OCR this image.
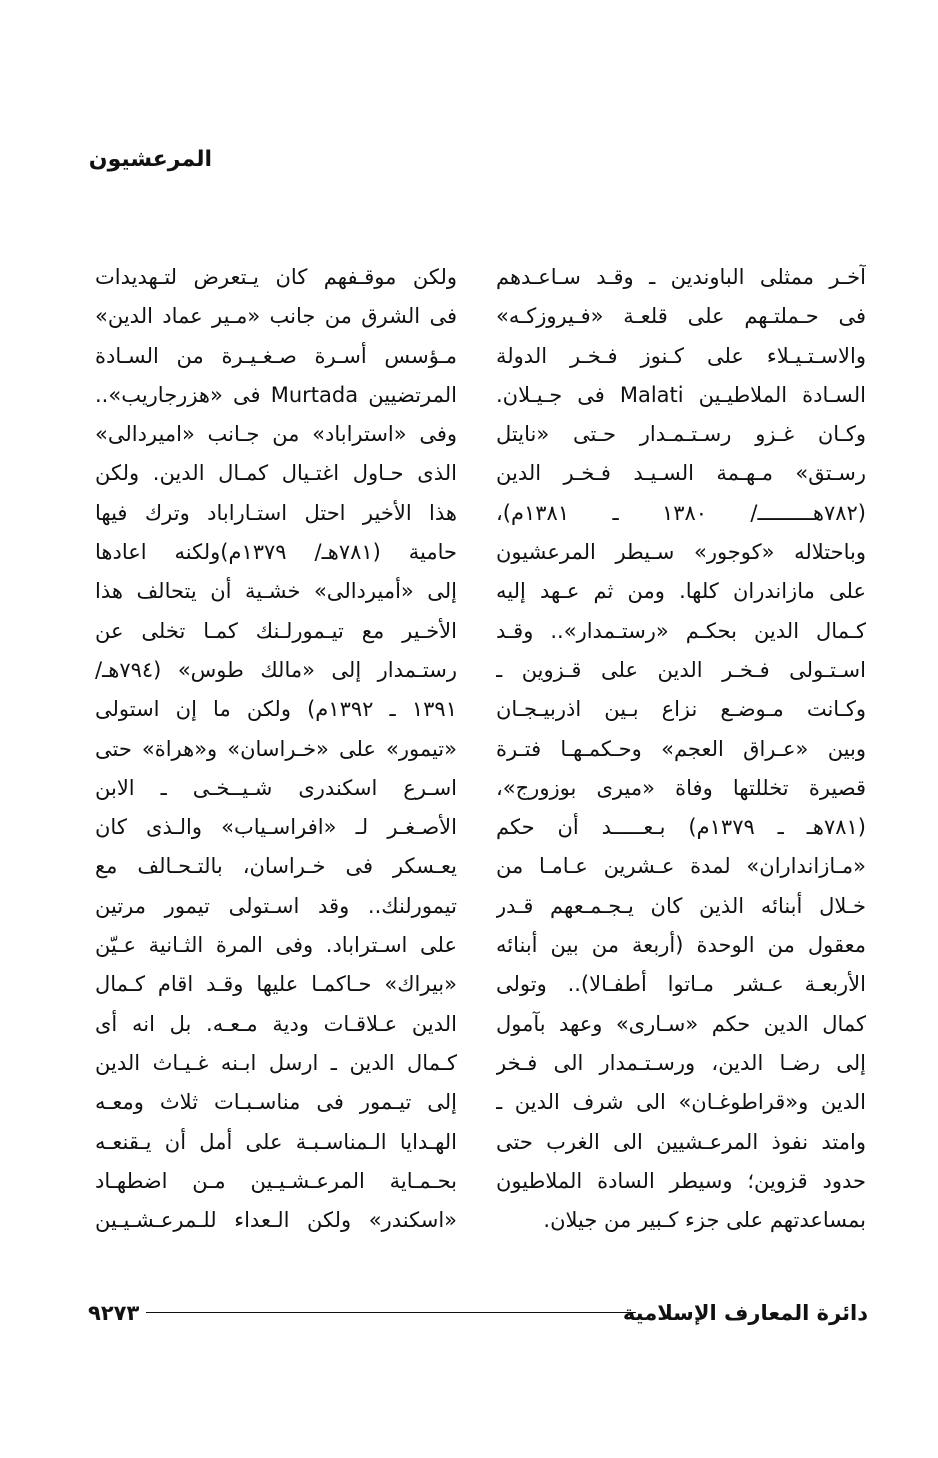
المرعشيون
آخـر ممثلى الباوندين ـ وقـد سـاعـدهم
فى حـملتـهم على قلعـة «فـيروزكـه»
والاسـتـيـلاء على كـنوز فـخـر الدولة
السـادة الملاطيـين Malati فى جـيـلان.
وكـان غـزو رسـتـمـدار حـتى «نايتل
رسـتق» مـهـمة السـيـد فـخـر الدين
(٧٨٢هـــــــــ/ ١٣٨٠ ـ ١٣٨١م)،
وباحتلاله «كوجور» سـيطر المرعشيون
على مازاندران كلها. ومن ثم عـهد إليه
كـمال الدين بحكـم «رستـمدار».. وقـد
اسـتـولى فـخـر الدين على قـزوين ـ
وكـانت مـوضـع نزاع بـين اذربيـجـان
وبين «عـراق العجم» وحـكمـهـا فتـرة
قصيرة تخللتها وفاة «ميرى بوزورج»،
(٧٨١هـ ـ ١٣٧٩م) بـعـــــد أن حكم
«مـازانداران» لمدة عـشرين عـامـا من
خـلال أبنائه الذين كان يـجـمـعهم قـدر
معقول من الوحدة (أربعة من بين أبنائه
الأربعـة عـشر مـاتوا أطفـالا).. وتولى
كمال الدين حكم «سـارى» وعهد بآمول
إلى رضـا الدين، ورسـتـمدار الى فـخر
الدين و«قراطوغـان» الى شرف الدين ـ
وامتد نفوذ المرعـشيين الى الغرب حتى
حدود قزوين؛ وسيطر السادة الملاطيون
بمساعدتهم على جزء كـبير من جيلان.
ولكن موقـفهم كان يـتعرض لتـهديدات
فى الشرق من جانب «مـير عماد الدين»
مـؤسس أسـرة صـغـيـرة من السـادة
المرتضيين Murtada فى «هزرجاريب»..
وفى «استراباد» من جـانب «اميردالى»
الذى حـاول اغتـيال كمـال الدين. ولكن
هذا الأخير احتل استـاراباد وترك فيها
حامية (٧٨١هـ/ ١٣٧٩م)ولكنه اعادها
إلى «أميردالى» خشـية أن يتحالف هذا
الأخـير مع تيـمورلـنك كمـا تخلى عن
رستـمدار إلى «مالك طوس» (٧٩٤هـ/
١٣٩١ ـ ١٣٩٢م) ولكن ما إن استولى
«تيمور» على «خـراسان» و«هراة» حتى
اسـرع اسكندرى شـيــخـى ـ الابن
الأصـغـر لـ «افراسـياب» والـذى كان
يعـسكر فى خـراسان، بالتـحـالف مع
تيمورلنك.. وقد اسـتولى تيمور مرتين
على اسـتراباد. وفى المرة الثـانية عـيّن
«بيراك» حـاكمـا عليها وقـد اقام كـمال
الدين عـلاقـات ودية مـعـه. بل انه أى
كـمال الدين ـ ارسل ابـنه غـيـاث الدين
إلى تيـمور فى مناسـبـات ثلاث ومعـه
الهـدايا الـمناسـبـة على أمل أن يـقنعـه
بحـمـاية المرعـشـيـين مـن اضطهـاد
«اسكندر» ولكن الـعداء للـمرعـشـيـين
دائرة المعارف الإسلامية
٩٢٧٣
